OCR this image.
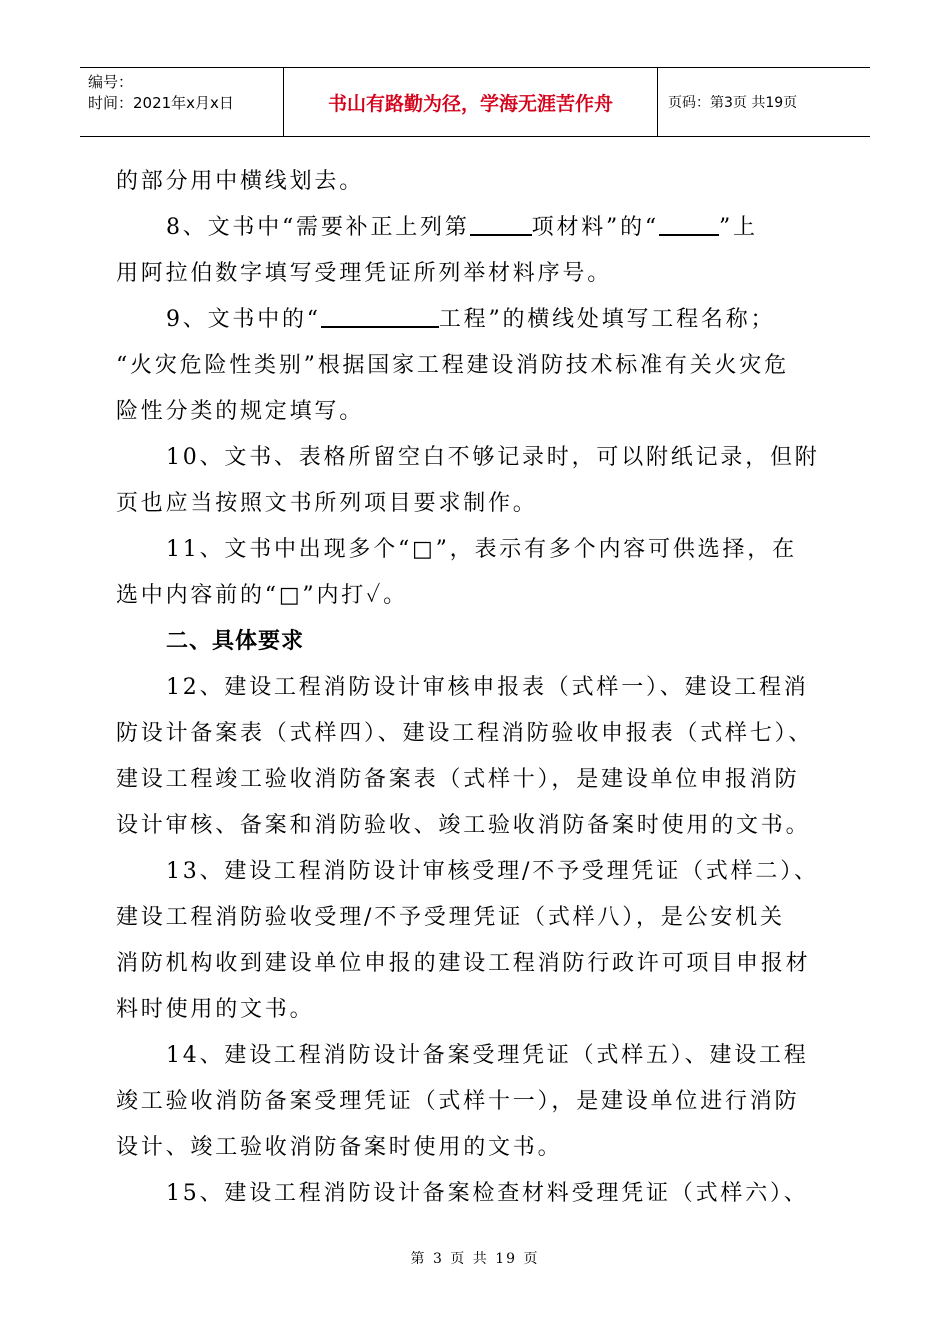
编号：
时间：2021年x月x日	书山有路勤为径，学海无涯苦作舟	页码：第3页 共19页
的部分用中横线划去。
8、文书中“需要补正上列第	项材料”的“	”上
用阿拉伯数字填写受理凭证所列举材料序号。
9、文书中的“	工程”的横线处填写工程名称；
“火灾危险性类别”根据国家工程建设消防技术标准有关火灾危
险性分类的规定填写。
10、文书、表格所留空白不够记录时，可以附纸记录，但附
页也应当按照文书所列项目要求制作。
11、文书中出现多个“□”，表示有多个内容可供选择，在
选中内容前的“□”内打✓。
二、具体要求
12、建设工程消防设计审核申报表（式样一）、建设工程消
防设计备案表（式样四）、建设工程消防验收申报表（式样七）、
建设工程竣工验收消防备案表（式样十），是建设单位申报消防
设计审核、备案和消防验收、竣工验收消防备案时使用的文书。
13、建设工程消防设计审核受理/不予受理凭证（式样二）、
建设工程消防验收受理/不予受理凭证（式样八），是公安机关
消防机构收到建设单位申报的建设工程消防行政许可项目申报材
料时使用的文书。
14、建设工程消防设计备案受理凭证（式样五）、建设工程
竣工验收消防备案受理凭证（式样十一），是建设单位进行消防
设计、竣工验收消防备案时使用的文书。
15、建设工程消防设计备案检查材料受理凭证（式样六）、
第 3 页 共 19 页
